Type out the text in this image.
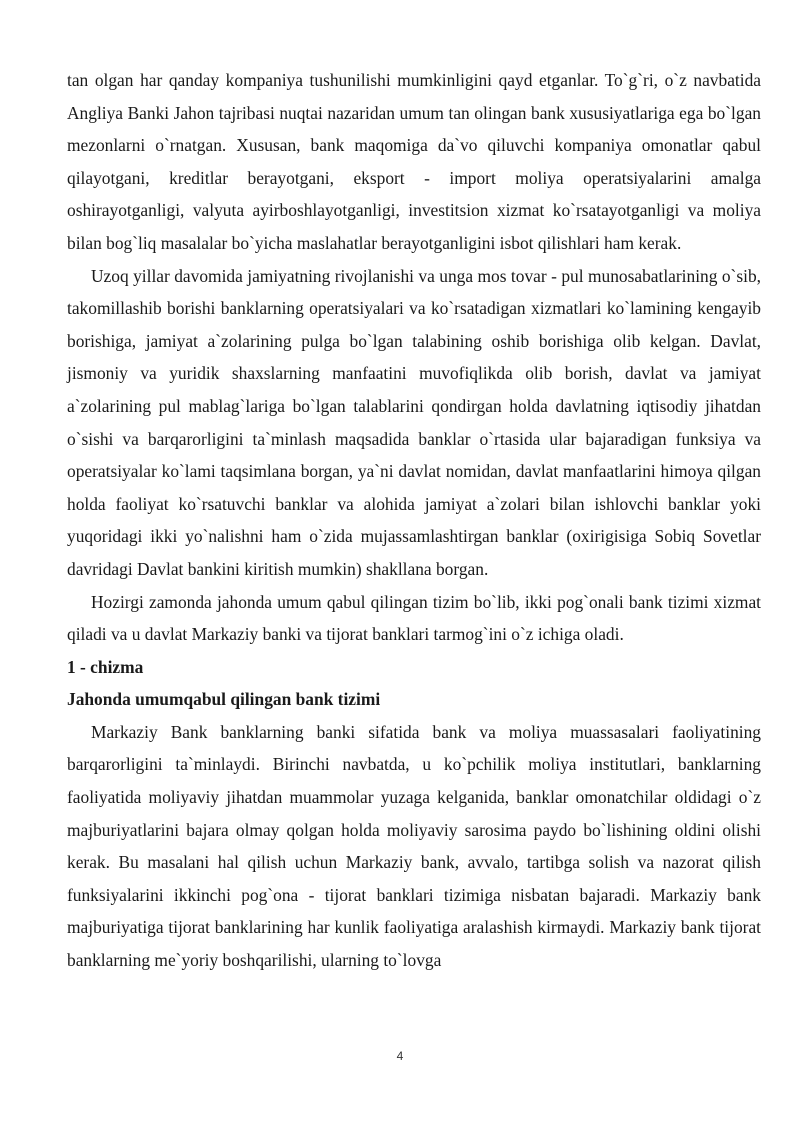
tan olgan har qanday kompaniya tushunilishi mumkinligini qayd etganlar. To`g`ri, o`z navbatida Angliya Banki Jahon tajribasi nuqtai nazaridan umum tan olingan bank xususiyatlariga ega bo`lgan mezonlarni o`rnatgan. Xususan, bank maqomiga da`vo qiluvchi kompaniya omonatlar qabul qilayotgani, kreditlar berayotgani, eksport - import moliya operatsiyalarini amalga oshirayotganligi, valyuta ayirboshlayotganligi, investitsion xizmat ko`rsatayotganligi va moliya bilan bog`liq masalalar bo`yicha maslahatlar berayotganligini isbot qilishlari ham kerak.

Uzoq yillar davomida jamiyatning rivojlanishi va unga mos tovar - pul munosabatlarining o`sib, takomillashib borishi banklarning operatsiyalari va ko`rsatadigan xizmatlari ko`lamining kengayib borishiga, jamiyat a`zolarining pulga bo`lgan talabining oshib borishiga olib kelgan. Davlat, jismoniy va yuridik shaxslarning manfaatini muvofiqlikda olib borish, davlat va jamiyat a`zolarining pul mablag`lariga bo`lgan talablarini qondirgan holda davlatning iqtisodiy jihatdan o`sishi va barqarorligini ta`minlash maqsadida banklar o`rtasida ular bajaradigan funksiya va operatsiyalar ko`lami taqsimlana borgan, ya`ni davlat nomidan, davlat manfaatlarini himoya qilgan holda faoliyat ko`rsatuvchi banklar va alohida jamiyat a`zolari bilan ishlovchi banklar yoki yuqoridagi ikki yo`nalishni ham o`zida mujassamlashtirgan banklar (oxirigisiga Sobiq Sovetlar davridagi Davlat bankini kiritish mumkin) shakllana borgan.

Hozirgi zamonda jahonda umum qabul qilingan tizim bo`lib, ikki pog`onali bank tizimi xizmat qiladi va u davlat Markaziy banki va tijorat banklari tarmog`ini o`z ichiga oladi.

1 - chizma

Jahonda umumqabul qilingan bank tizimi

Markaziy Bank banklarning banki sifatida bank va moliya muassasalari faoliyatining barqarorligini ta`minlaydi. Birinchi navbatda, u ko`pchilik moliya institutlari, banklarning faoliyatida moliyaviy jihatdan muammolar yuzaga kelganida, banklar omonatchilar oldidagi o`z majburiyatlarini bajara olmay qolgan holda moliyaviy sarosima paydo bo`lishining oldini olishi kerak. Bu masalani hal qilish uchun Markaziy bank, avvalo, tartibga solish va nazorat qilish funksiyalarini ikkinchi pog`ona - tijorat banklari tizimiga nisbatan bajaradi. Markaziy bank majburiyatiga tijorat banklarining har kunlik faoliyatiga aralashish kirmaydi. Markaziy bank tijorat banklarning me`yoriy boshqarilishi, ularning to`lovga

4
